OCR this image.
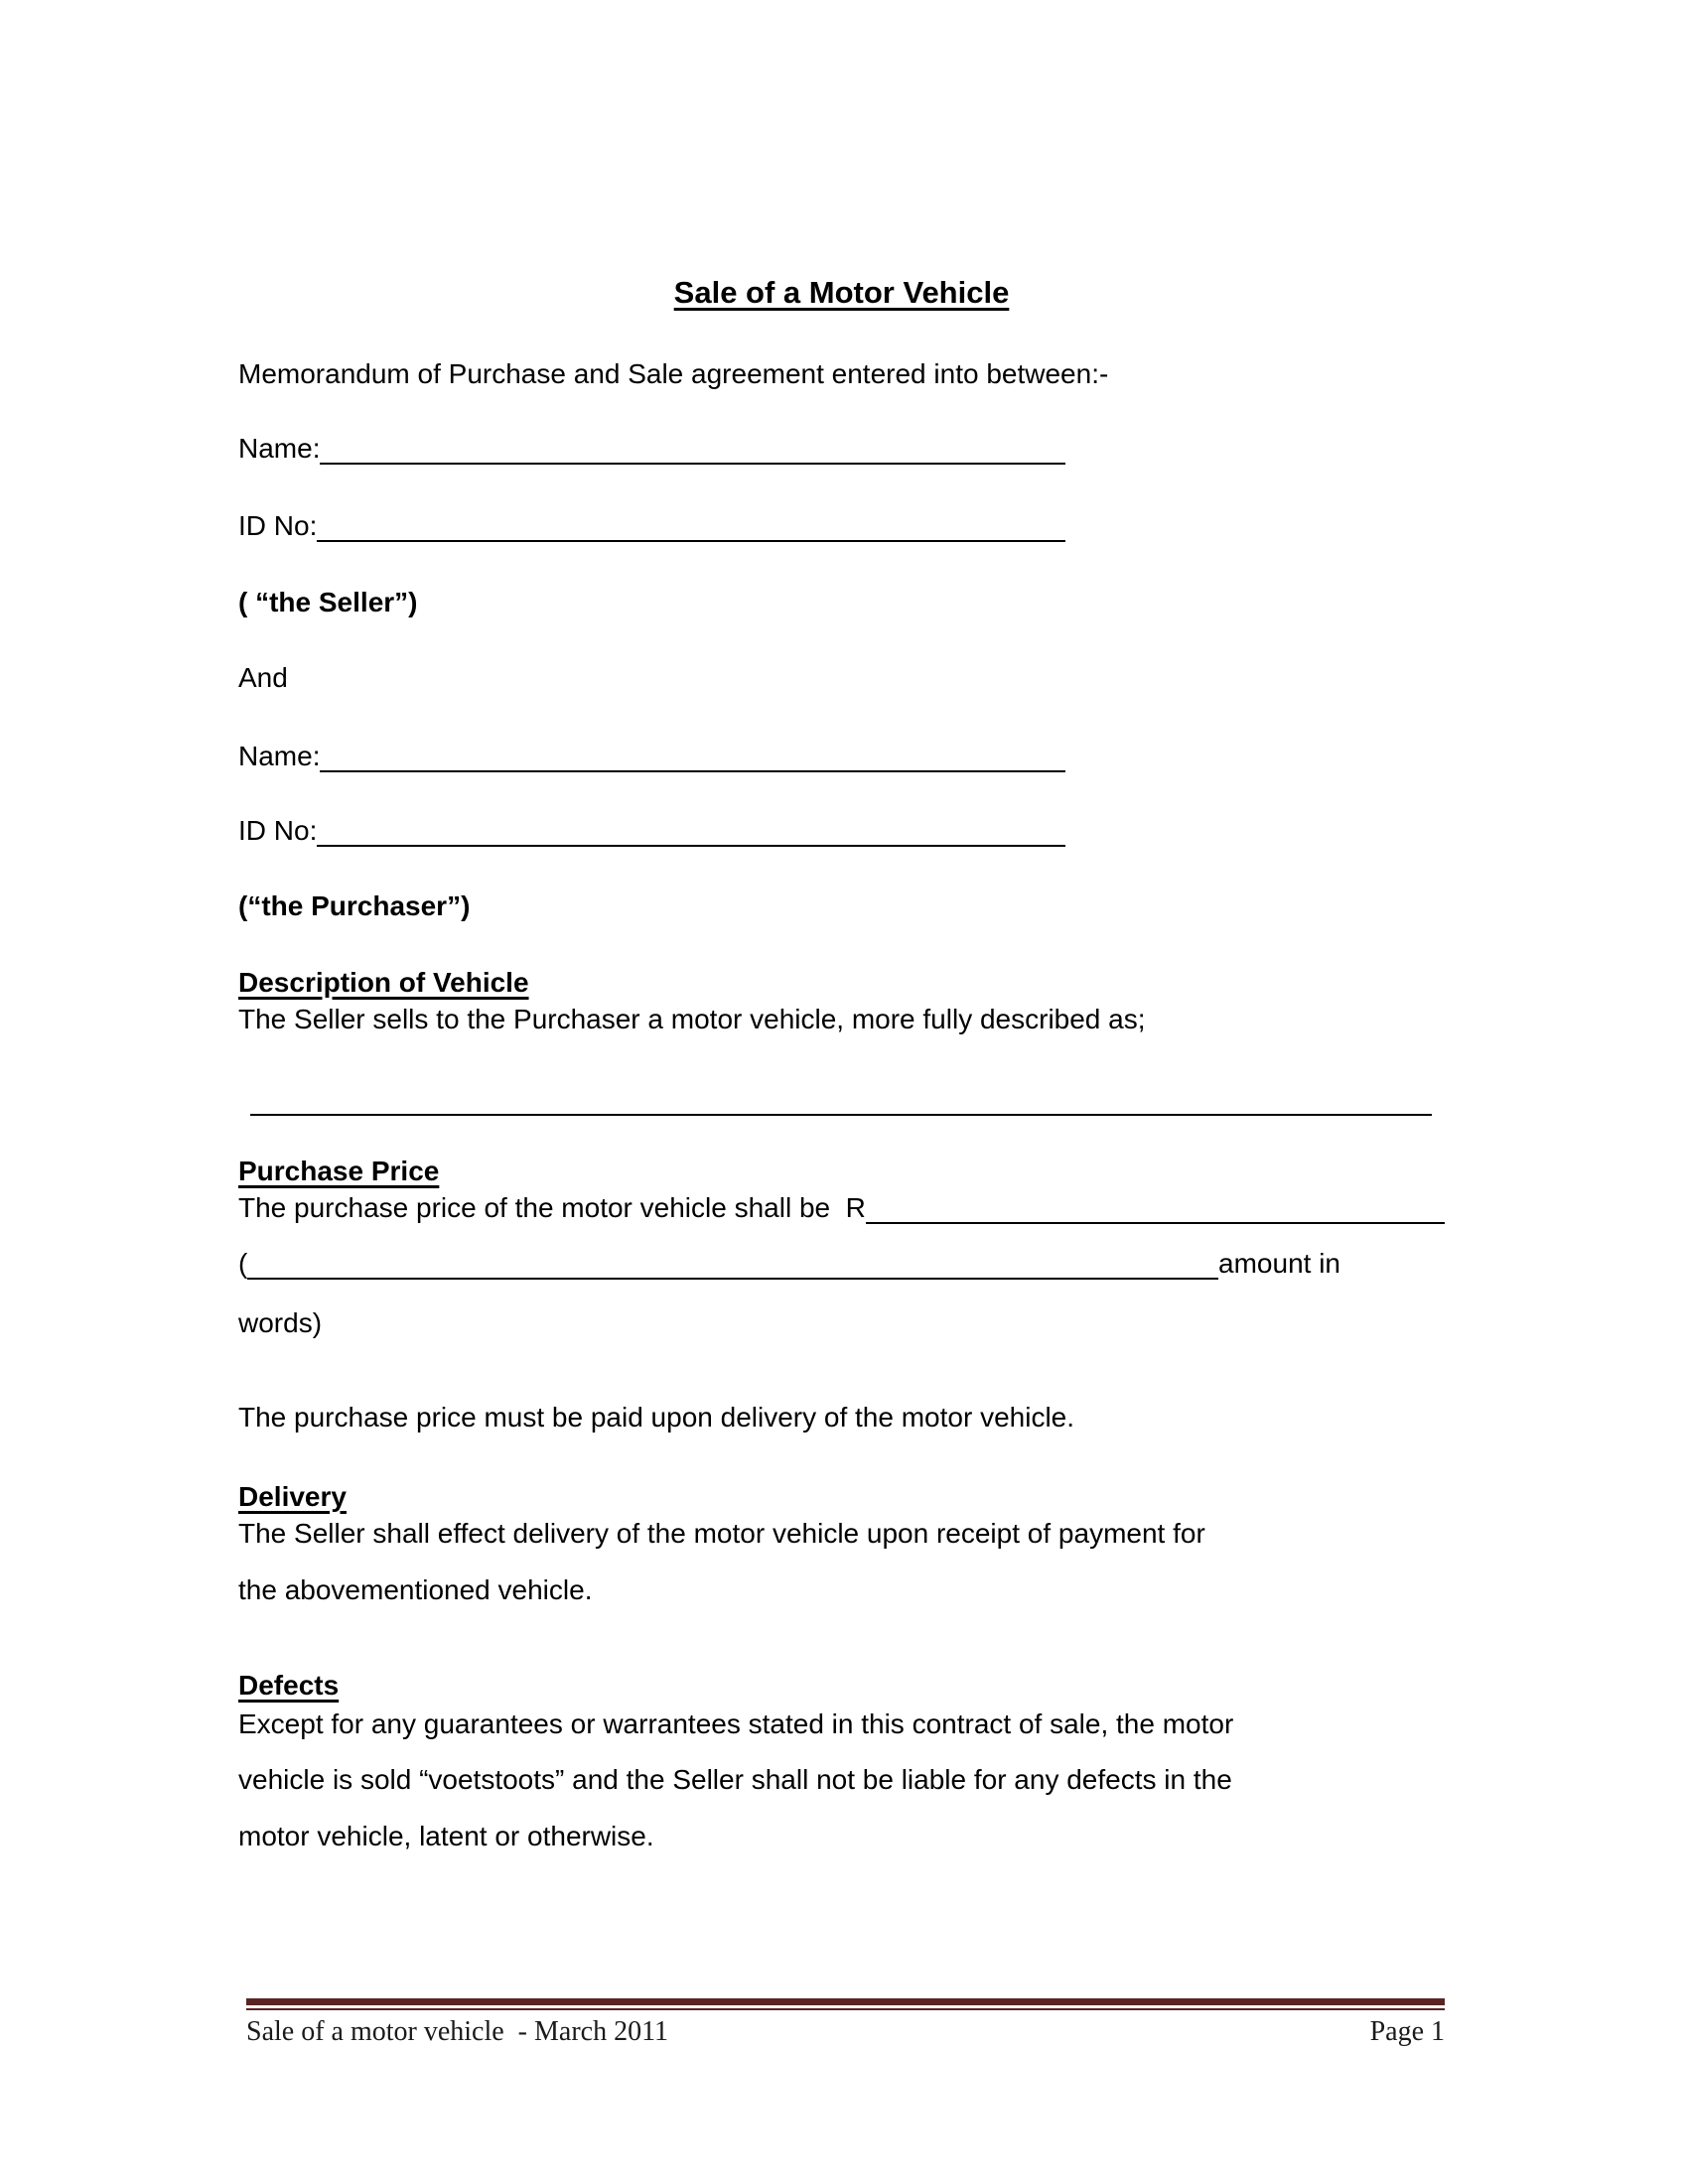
Sale of a Motor Vehicle
Memorandum of Purchase and Sale agreement entered into between:-
Name:
ID No:
( “the Seller”)
And
Name:
ID No:
(“the Purchaser”)
Description of Vehicle
The Seller sells to the Purchaser a motor vehicle, more fully described as;
Purchase Price
The purchase price of the motor vehicle shall be  R
(	amount in
words)
The purchase price must be paid upon delivery of the motor vehicle.
Delivery
The Seller shall effect delivery of the motor vehicle upon receipt of payment for
the abovementioned vehicle.
Defects
Except for any guarantees or warrantees stated in this contract of sale, the motor
vehicle is sold “voetstoots” and the Seller shall not be liable for any defects in the
motor vehicle, latent or otherwise.
Sale of a motor vehicle  - March 2011	Page 1
